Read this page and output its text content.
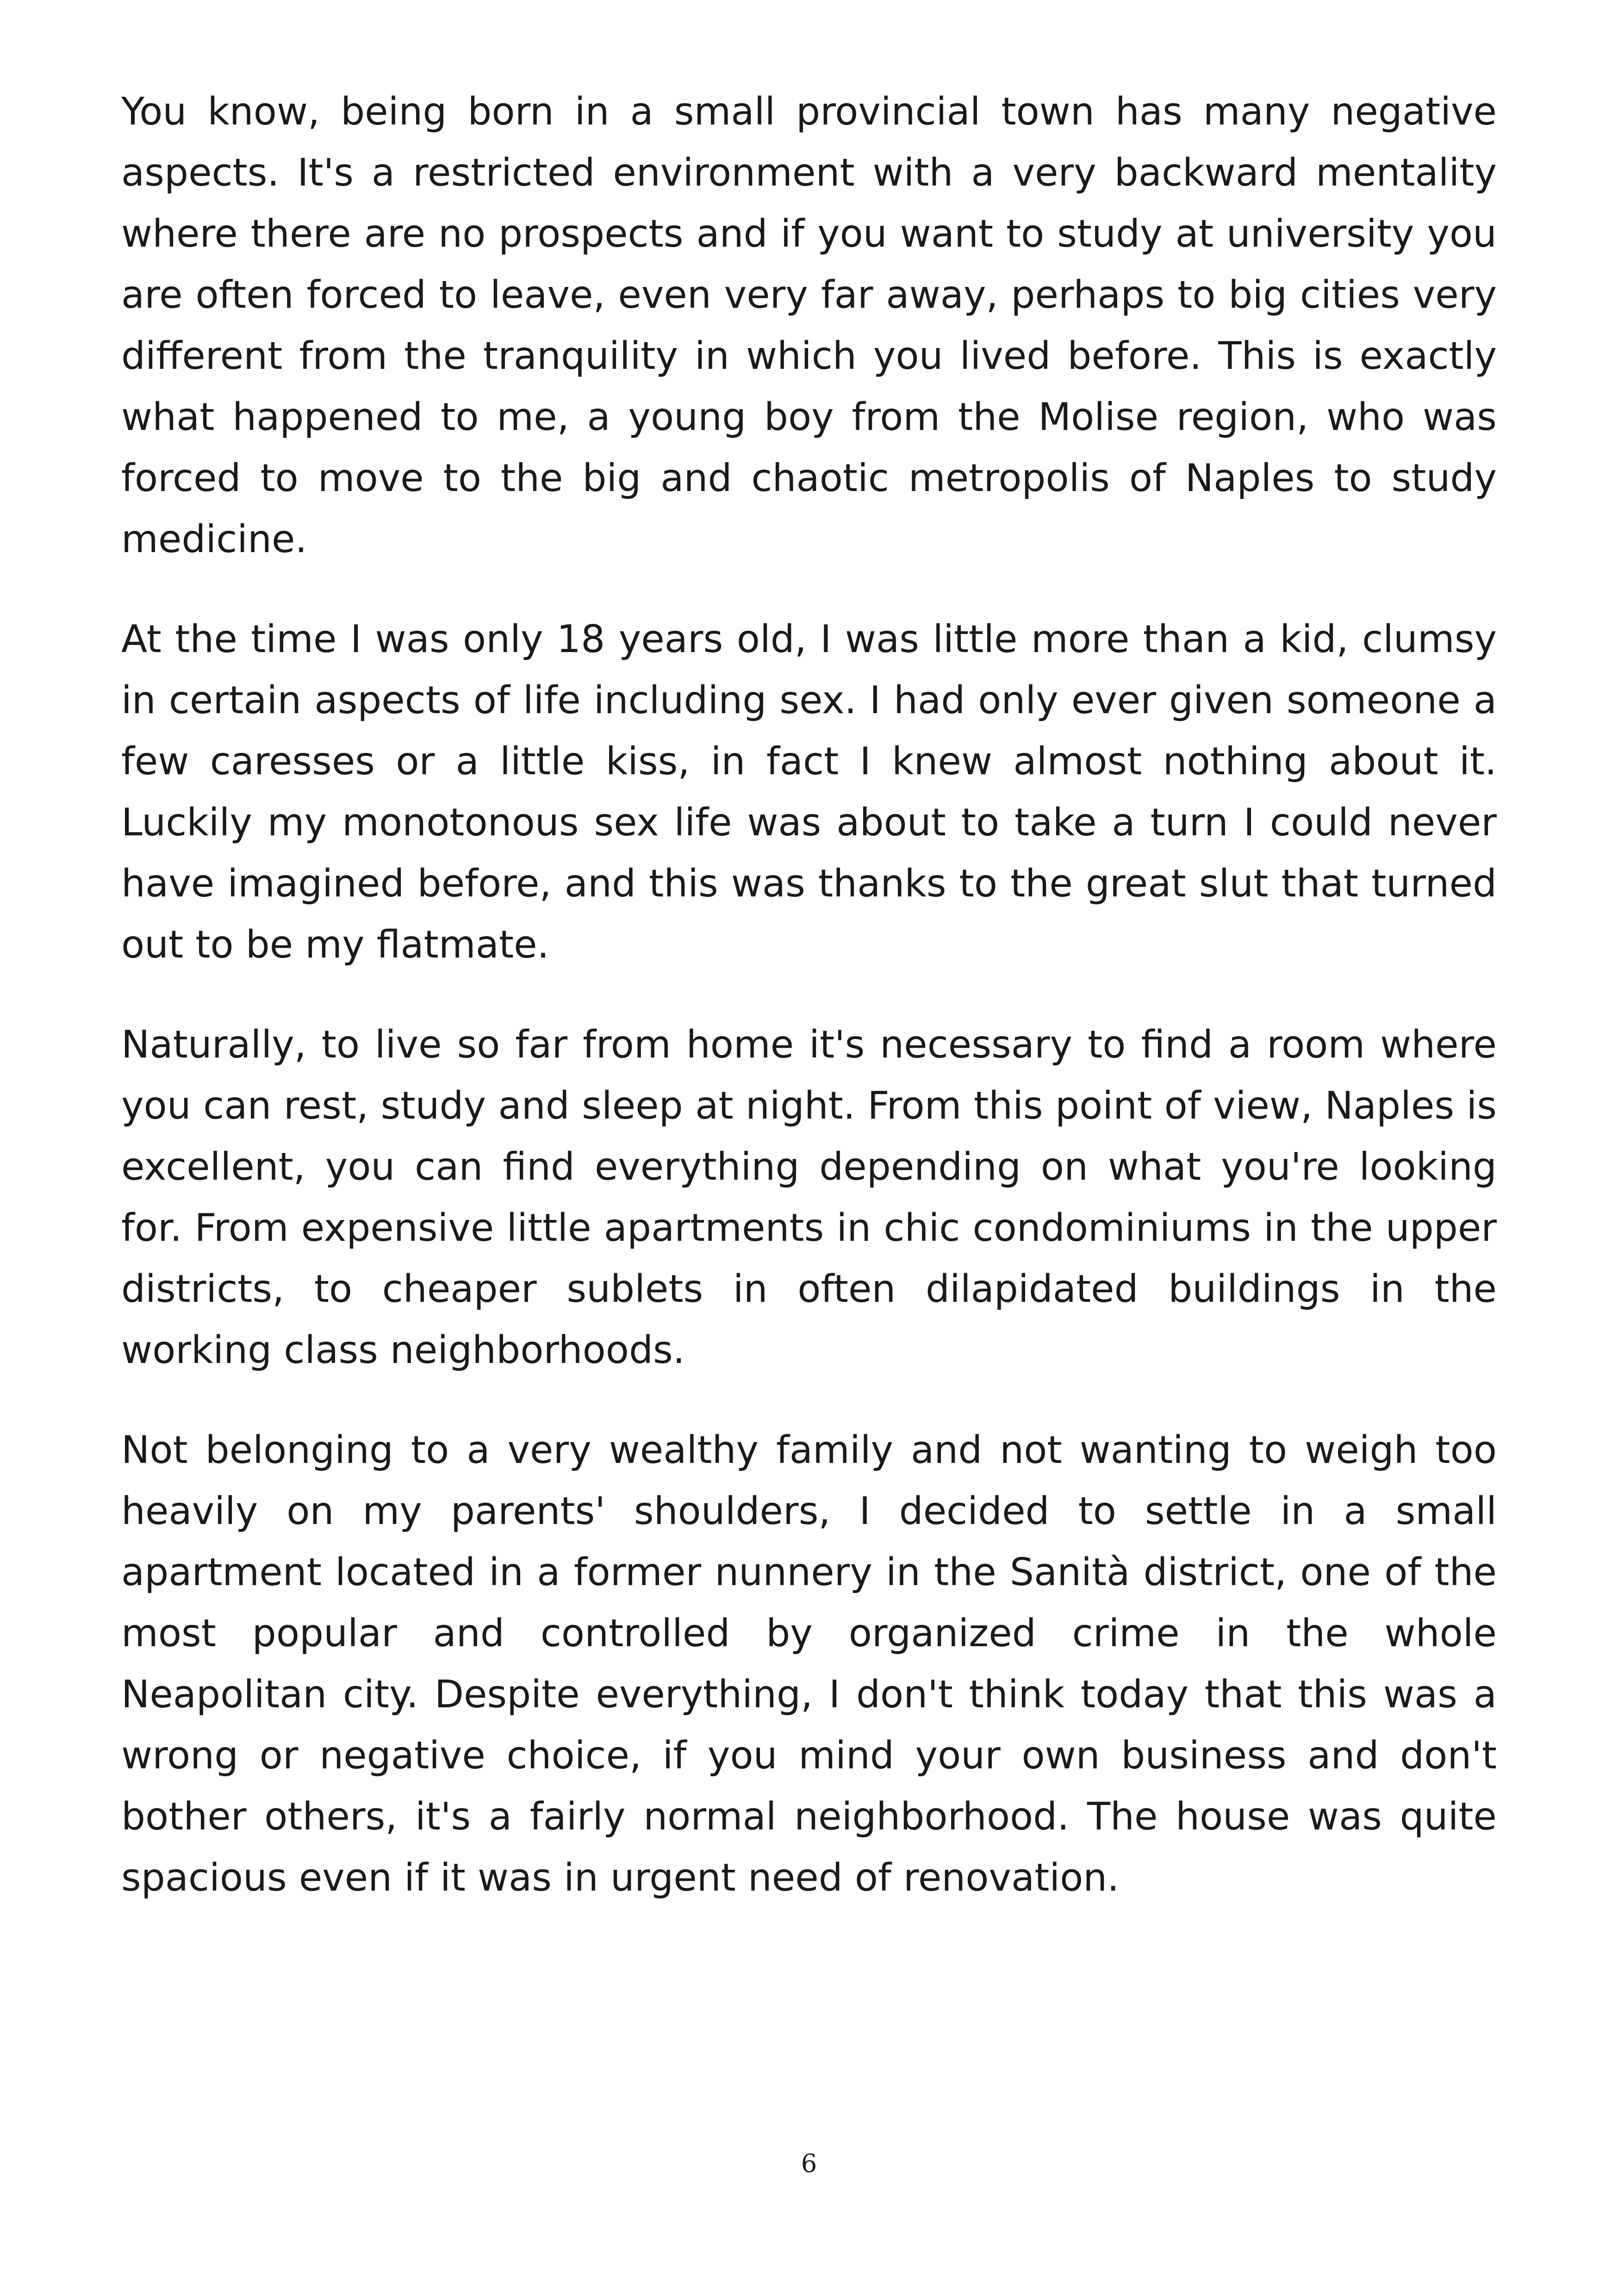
You know, being born in a small provincial town has many negative aspects. It's a restricted environment with a very backward mentality where there are no prospects and if you want to study at university you are often forced to leave, even very far away, perhaps to big cities very different from the tranquility in which you lived before. This is exactly what happened to me, a young boy from the Molise region, who was forced to move to the big and chaotic metropolis of Naples to study medicine.

At the time I was only 18 years old, I was little more than a kid, clumsy in certain aspects of life including sex. I had only ever given someone a few caresses or a little kiss, in fact I knew almost nothing about it. Luckily my monotonous sex life was about to take a turn I could never have imagined before, and this was thanks to the great slut that turned out to be my flatmate.

Naturally, to live so far from home it's necessary to find a room where you can rest, study and sleep at night. From this point of view, Naples is excellent, you can find everything depending on what you're looking for. From expensive little apartments in chic condominiums in the upper districts, to cheaper sublets in often dilapidated buildings in the working class neighborhoods.

Not belonging to a very wealthy family and not wanting to weigh too heavily on my parents' shoulders, I decided to settle in a small apartment located in a former nunnery in the Sanità district, one of the most popular and controlled by organized crime in the whole Neapolitan city. Despite everything, I don't think today that this was a wrong or negative choice, if you mind your own business and don't bother others, it's a fairly normal neighborhood. The house was quite spacious even if it was in urgent need of renovation.

6
